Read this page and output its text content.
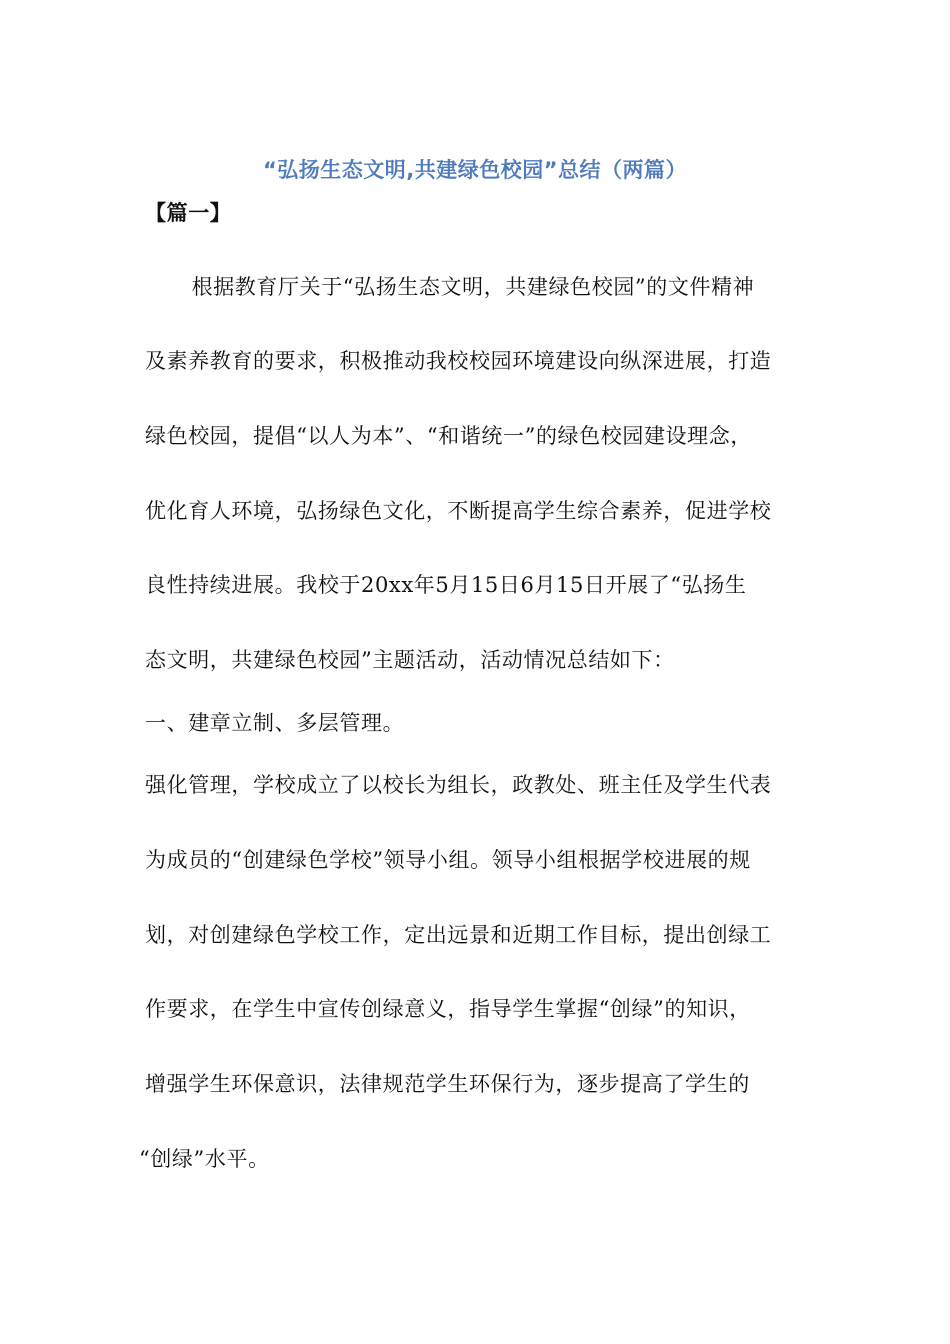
“弘扬生态文明,共建绿色校园”总结（两篇）
【篇一】
　根据教育厅关于“弘扬生态文明，共建绿色校园”的文件精神
及素养教育的要求，积极推动我校校园环境建设向纵深进展，打造
绿色校园，提倡“以人为本”、“和谐统一”的绿色校园建设理念，
优化育人环境，弘扬绿色文化，不断提高学生综合素养，促进学校
良性持续进展。我校于20xx年5月15日6月15日开展了“弘扬生
态文明，共建绿色校园”主题活动，活动情况总结如下：
一、建章立制、多层管理。
强化管理，学校成立了以校长为组长，政教处、班主任及学生代表
为成员的“创建绿色学校”领导小组。领导小组根据学校进展的规
划，对创建绿色学校工作，定出远景和近期工作目标，提出创绿工
作要求，在学生中宣传创绿意义，指导学生掌握“创绿”的知识，
增强学生环保意识，法律规范学生环保行为，逐步提高了学生的
“创绿”水平。
